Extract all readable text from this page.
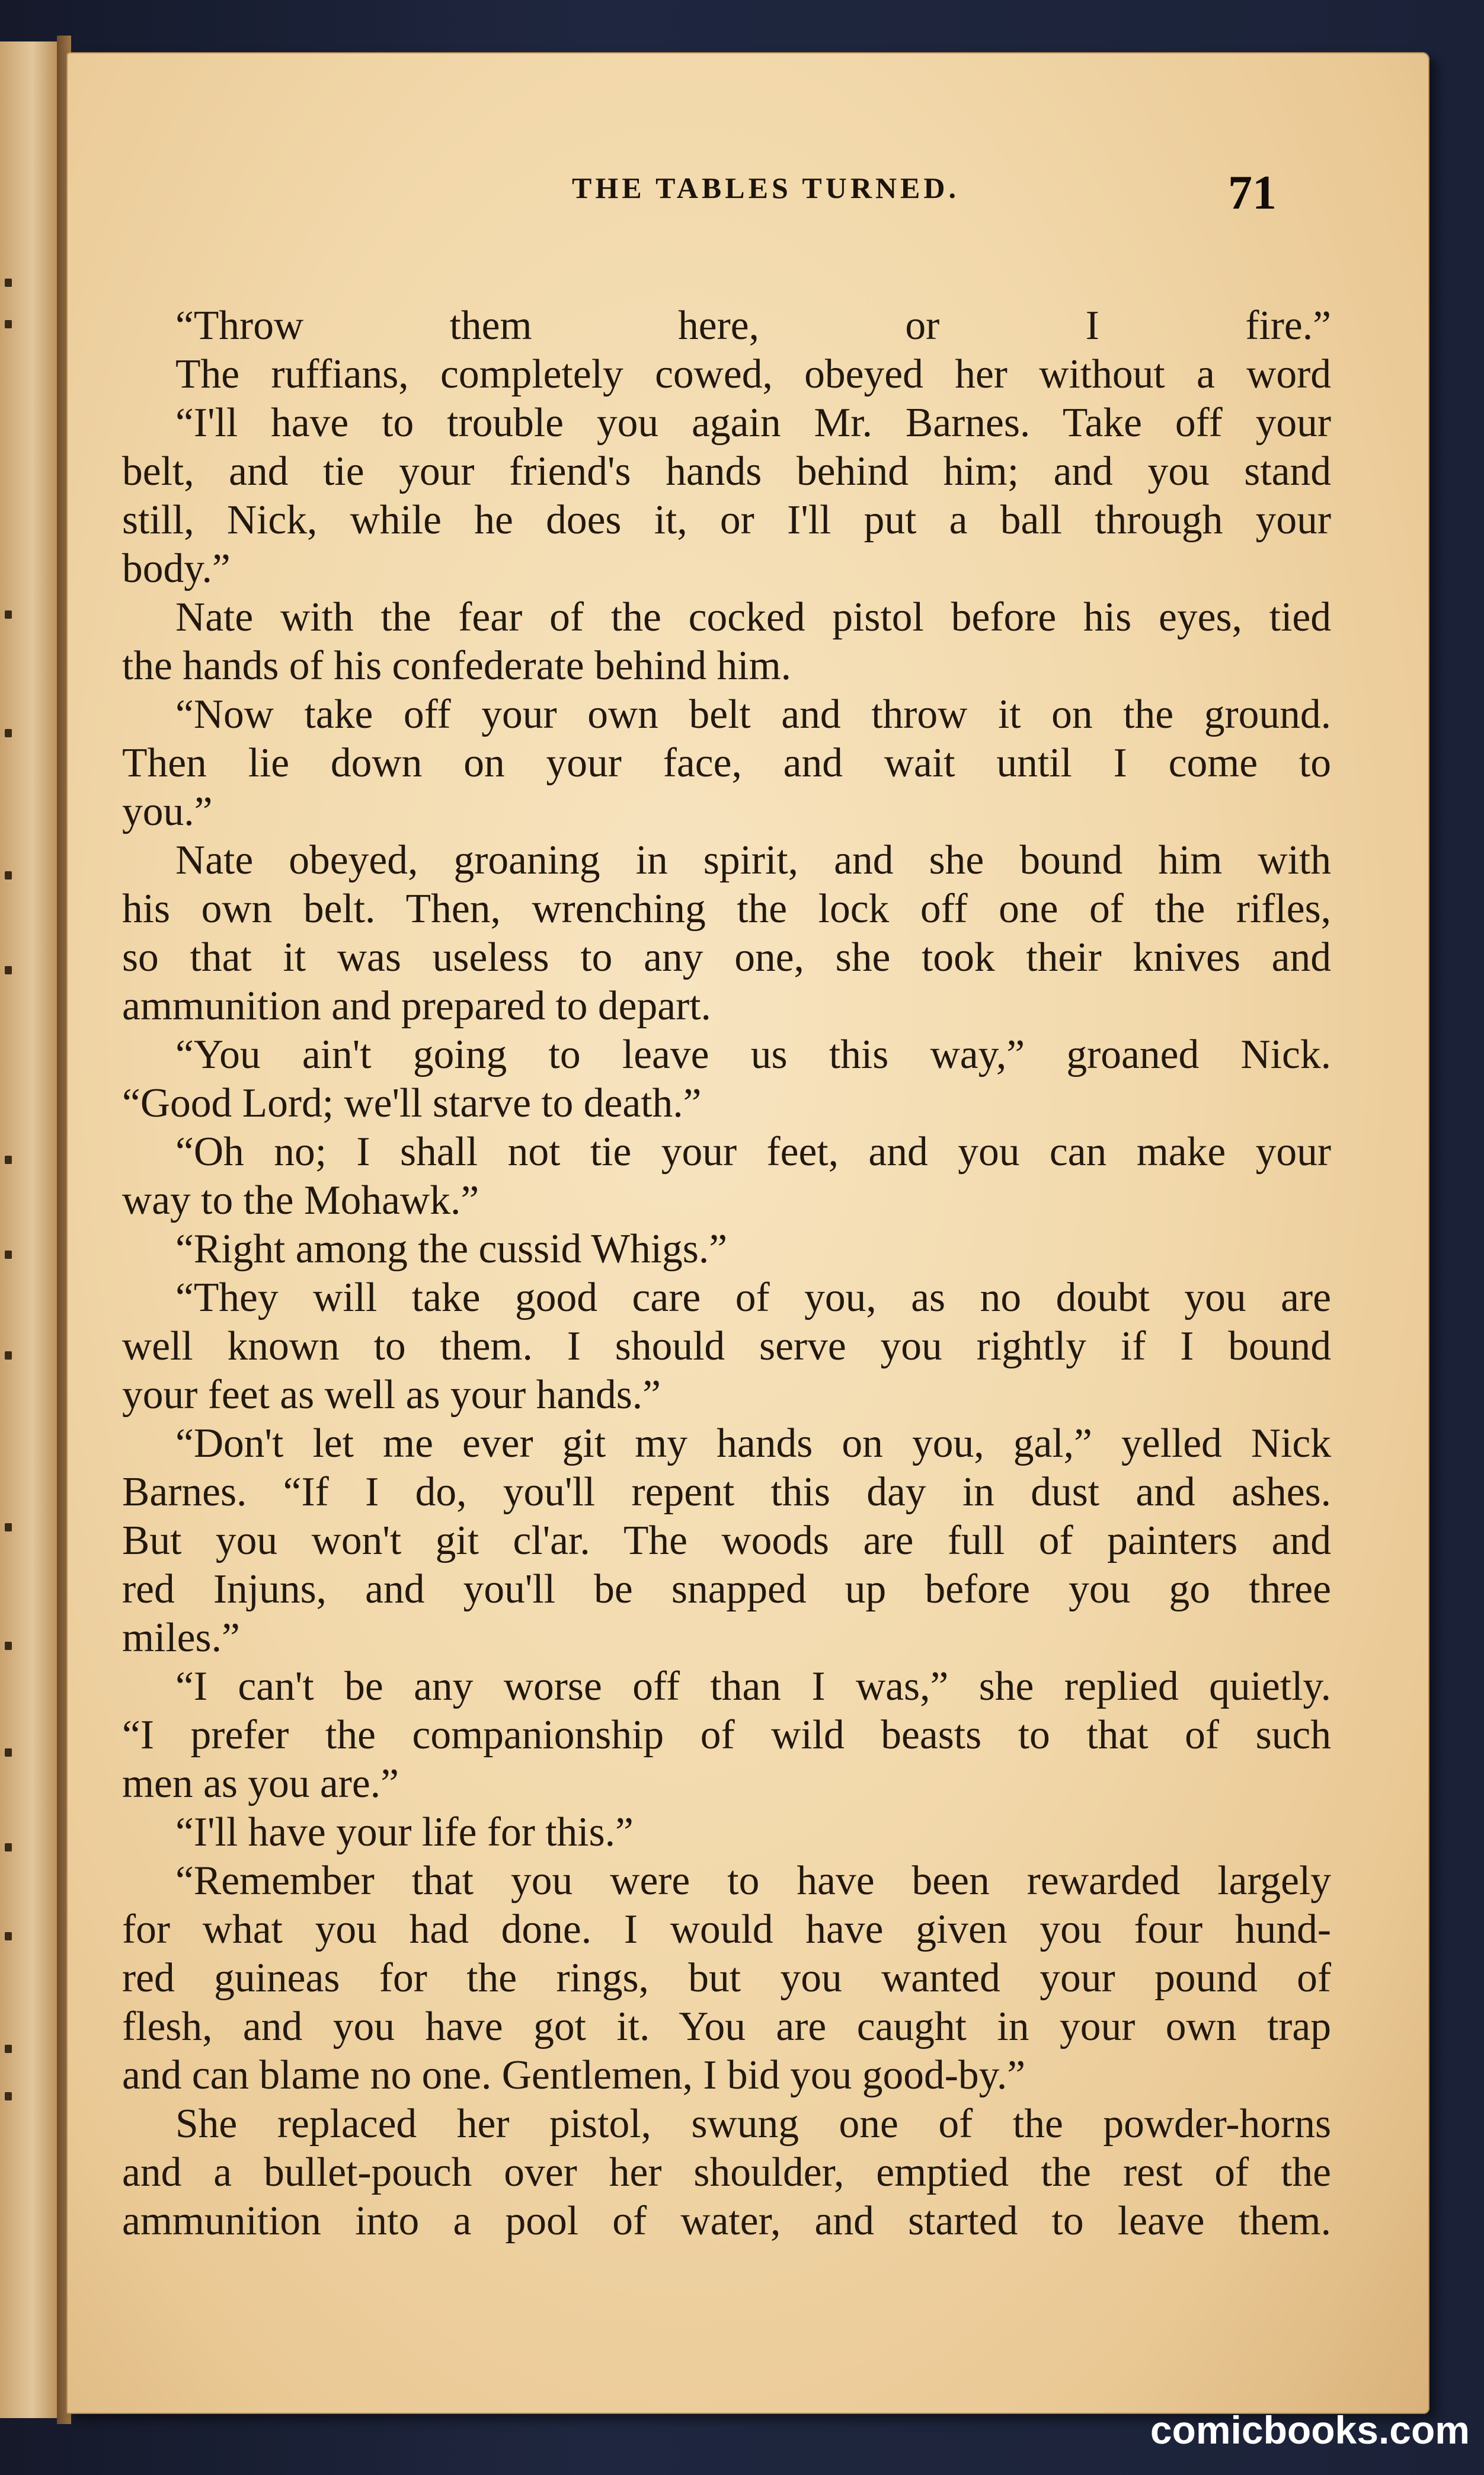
THE TABLES TURNED.	71
“Throw them here, or I fire.”
The ruffians, completely cowed, obeyed her without a word
“I'll have to trouble you again Mr. Barnes. Take off your
belt, and tie your friend's hands behind him; and you stand
still, Nick, while he does it, or I'll put a ball through your
body.”
Nate with the fear of the cocked pistol before his eyes, tied
the hands of his confederate behind him.
“Now take off your own belt and throw it on the ground.
Then lie down on your face, and wait until I come to
you.”
Nate obeyed, groaning in spirit, and she bound him with
his own belt. Then, wrenching the lock off one of the rifles,
so that it was useless to any one, she took their knives and
ammunition and prepared to depart.
“You ain't going to leave us this way,” groaned Nick.
“Good Lord; we'll starve to death.”
“Oh no; I shall not tie your feet, and you can make your
way to the Mohawk.”
“Right among the cussid Whigs.”
“They will take good care of you, as no doubt you are
well known to them. I should serve you rightly if I bound
your feet as well as your hands.”
“Don't let me ever git my hands on you, gal,” yelled Nick
Barnes. “If I do, you'll repent this day in dust and ashes.
But you won't git cl'ar. The woods are full of painters and
red Injuns, and you'll be snapped up before you go three
miles.”
“I can't be any worse off than I was,” she replied quietly.
“I prefer the companionship of wild beasts to that of such
men as you are.”
“I'll have your life for this.”
“Remember that you were to have been rewarded largely
for what you had done. I would have given you four hund-
red guineas for the rings, but you wanted your pound of
flesh, and you have got it. You are caught in your own trap
and can blame no one. Gentlemen, I bid you good-by.”
She replaced her pistol, swung one of the powder-horns
and a bullet-pouch over her shoulder, emptied the rest of the
ammunition into a pool of water, and started to leave them.
comicbooks.com
